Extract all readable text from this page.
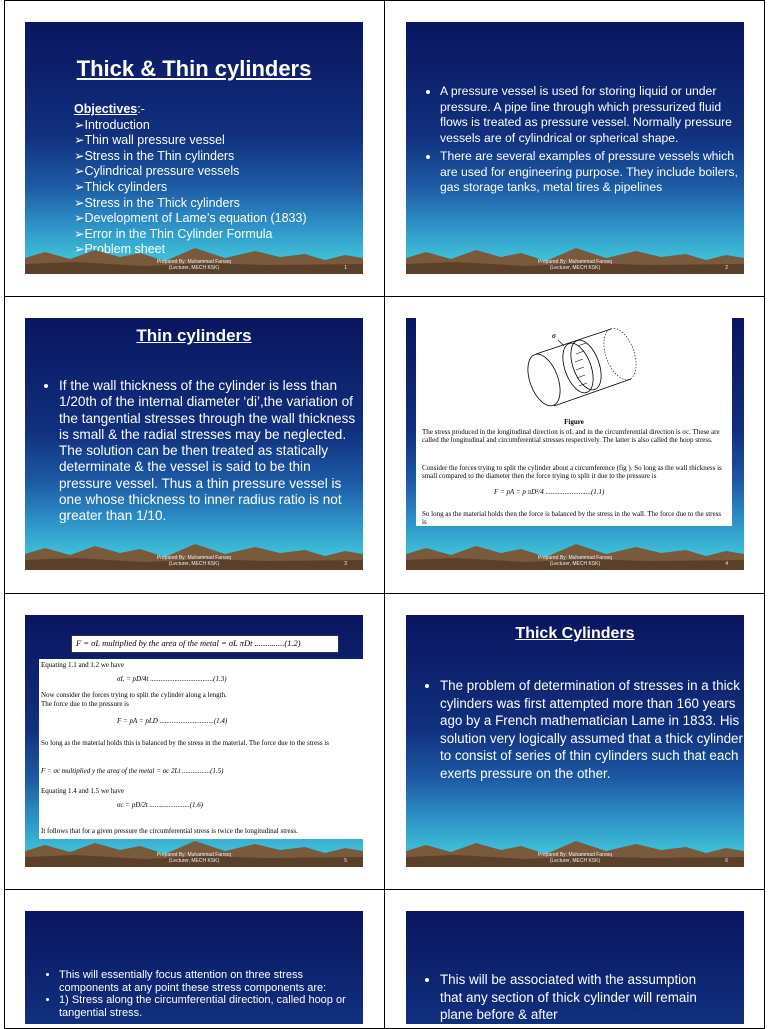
Thick & Thin cylinders
Objectives:-
➢Introduction
➢Thin wall pressure vessel
➢Stress in the Thin cylinders
➢Cylindrical pressure vessels
➢Thick cylinders
➢Stress in the Thick cylinders
➢Development of Lame’s equation (1833)
➢Error in the Thin Cylinder Formula
➢Problem sheet
Prepared By: Muhammad Farooq
(Lecturer, MECH KSK)	1
• A pressure vessel is used for storing liquid or under pressure. A pipe line through which pressurized fluid flows is treated as pressure vessel. Normally pressure vessels are of cylindrical or spherical shape.
• There are several examples of pressure vessels which are used for engineering purpose. They include boilers, gas storage tanks, metal tires & pipelines
Prepared By: Muhammad Farooq
(Lecturer, MECH KSK)	2
Thin cylinders
• If the wall thickness of the cylinder is less than 1/20th of the internal diameter ‘di’,the variation of the tangential stresses through the wall thickness is small & the radial stresses may be neglected. The solution can be then treated as statically determinate & the vessel is said to be thin pressure vessel. Thus a thin pressure vessel is one whose thickness to inner radius ratio is not greater than 1/10.
Prepared By: Muhammad Farooq
(Lecturer, MECH KSK)	3
σ
Figure
The stress produced in the longitudinal direction is σL and in the circumferential direction is σc. These are called the longitudinal and circumferential stresses respectively. The latter is also called the hoop stress.
Consider the forces trying to split the cylinder about a circumference (fig ). So long as the wall thickness is small compared to the diameter then the force trying to split it due to the pressure is
F = pA = p πD²/4 ..........................(1.1)
So long as the material holds then the force is balanced by the stress in the wall. The force due to the stress is
Prepared By: Muhammad Farooq
(Lecturer, MECH KSK)	4
F = σL multiplied by the area of the metal = σL πDt ..............(1.2)
Equating 1.1 and 1.2 we have
σL = pD/4t ....................................(1.3)
Now consider the forces trying to split the cylinder along a length.
The force due to the pressure is
F = pA = pLD ...............................(1.4)
So long as the material holds this is balanced by the stress in the material. The force due to the stress is
F = σc multiplied y the area of the metal = σc 2Lt ................(1.5)
Equating 1.4 and 1.5 we have
σc = pD/2t .......................(1.6)
It follows that for a given pressure the circumferential stress is twice the longitudinal stress.
Prepared By: Muhammad Farooq
(Lecturer, MECH KSK)	5
Thick Cylinders
• The problem of determination of stresses in a thick cylinders was first attempted more than 160 years ago by a French mathematician Lame in 1833. His solution very logically assumed that a thick cylinder to consist of series of thin cylinders such that each exerts pressure on the other.
Prepared By: Muhammad Farooq
(Lecturer, MECH KSK)	6
• This will essentially focus attention on three stress components at any point these stress components are:
• 1) Stress along the circumferential direction, called hoop or tangential stress.
• This will be associated with the assumption that any section of thick cylinder will remain plane before & after
